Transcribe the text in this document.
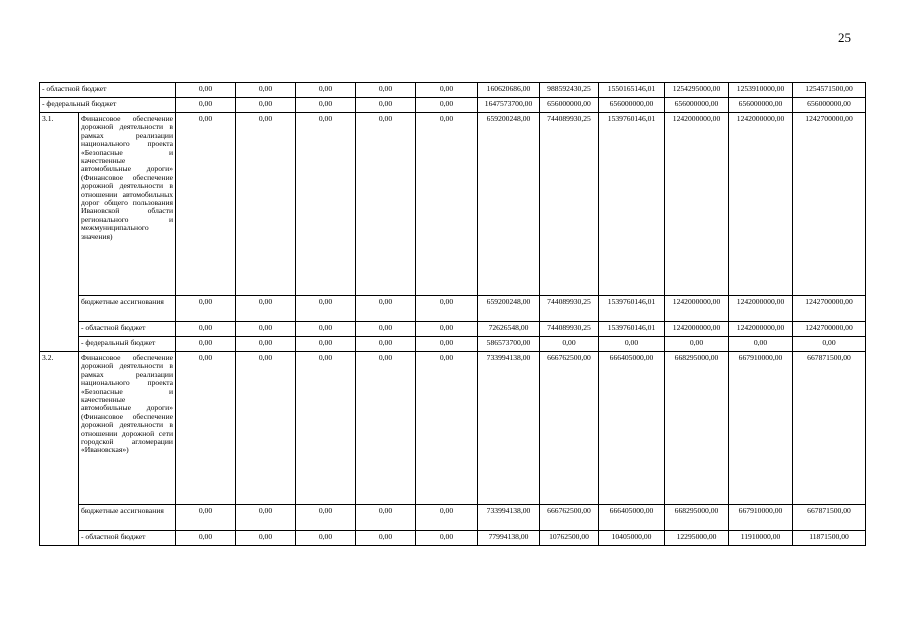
25
- областной бюджет		0,00	0,00	0,00	0,00	0,00	160620686,00	988592430,25	1550165146,01	1254295000,00	1253910000,00	1254571500,00
- федеральный бюджет		0,00	0,00	0,00	0,00	0,00	1647573700,00	656000000,00	656000000,00	656000000,00	656000000,00	656000000,00
3.1.	Финансовое обеспечение дорожной деятельности в рамках реализации национального проекта «Безопасные и качественные автомобильные дороги» (Финансовое обеспечение дорожной деятельности в отношении автомобильных дорог общего пользования Ивановской области регионального и межмуниципального значения)	0,00	0,00	0,00	0,00	0,00	659200248,00	744089930,25	1539760146,01	1242000000,00	1242000000,00	1242700000,00
	бюджетные ассигнования	0,00	0,00	0,00	0,00	0,00	659200248,00	744089930,25	1539760146,01	1242000000,00	1242000000,00	1242700000,00
	- областной бюджет	0,00	0,00	0,00	0,00	0,00	72626548,00	744089930,25	1539760146,01	1242000000,00	1242000000,00	1242700000,00
	- федеральный бюджет	0,00	0,00	0,00	0,00	0,00	586573700,00	0,00	0,00	0,00	0,00	0,00
3.2.	Финансовое обеспечение дорожной деятельности в рамках реализации национального проекта «Безопасные и качественные автомобильные дороги» (Финансовое обеспечение дорожной деятельности в отношении дорожной сети городской агломерации «Ивановская»)	0,00	0,00	0,00	0,00	0,00	733994138,00	666762500,00	666405000,00	668295000,00	667910000,00	667871500,00
	бюджетные ассигнования	0,00	0,00	0,00	0,00	0,00	733994138,00	666762500,00	666405000,00	668295000,00	667910000,00	667871500,00
	- областной бюджет	0,00	0,00	0,00	0,00	0,00	77994138,00	10762500,00	10405000,00	12295000,00	11910000,00	11871500,00
